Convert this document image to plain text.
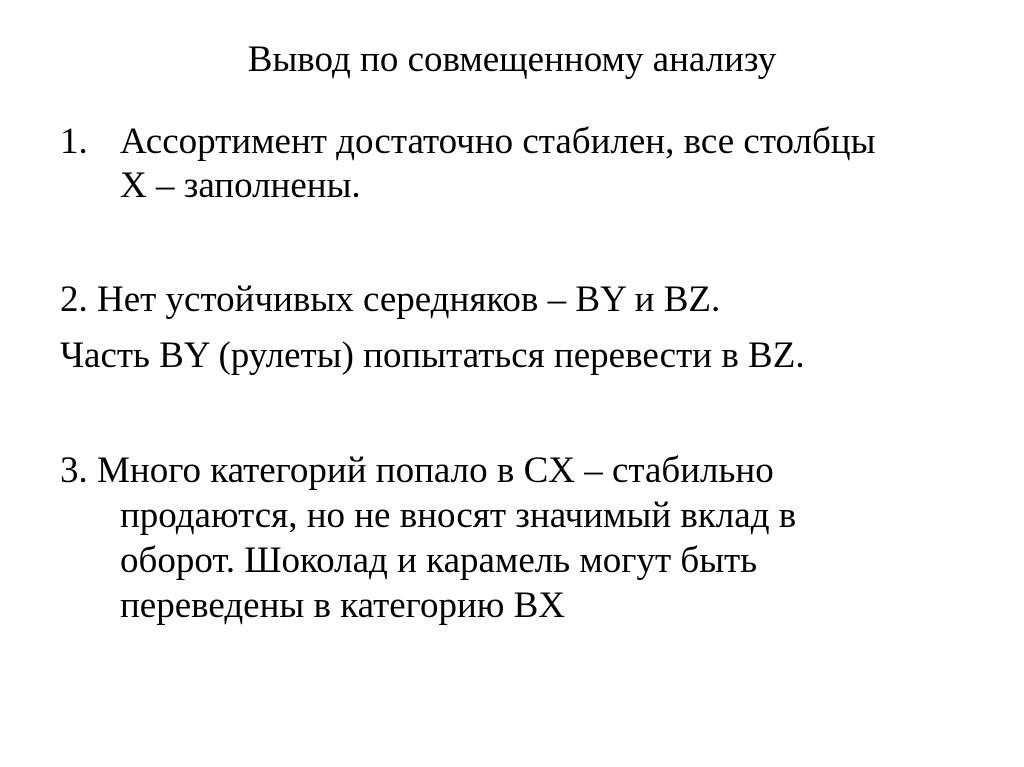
Вывод по совмещенному анализу
1. Ассортимент достаточно стабилен, все столбцы
X – заполнены.
2. Нет устойчивых середняков – BY и BZ.
Часть BY (рулеты) попытаться перевести в BZ.
3. Много категорий попало в CX – стабильно
продаются, но не вносят значимый вклад в
оборот. Шоколад и карамель могут быть
переведены в категорию BX
